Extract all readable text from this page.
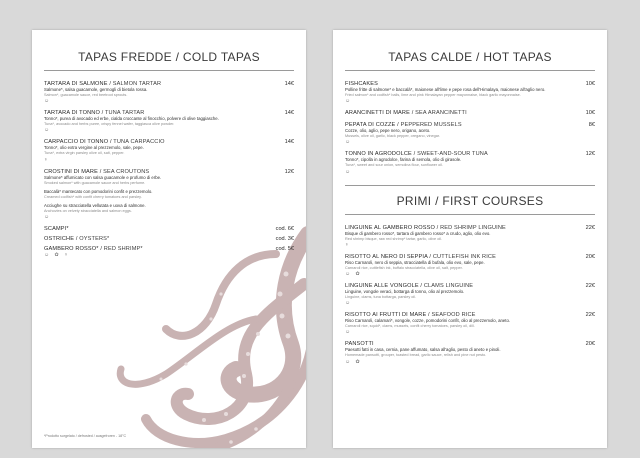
TAPAS FREDDE / COLD TAPAS
TARTARA DI SALMONE / SALMON TARTAR	14€
Salmone*, salsa guacamole, germogli di bietola rossa.
Salmon*, guacamole sauce, red beetroot sprouts.
☺
TARTARA DI TONNO / TUNA TARTAR	14€
Tonno*, purea di avocado ed erbe, cialda croccante al finocchio, polvere di olive taggiasche.
Tuna*, avocado and herbs puree, crispy fennel wafer, taggiasca olive powder.
☺
CARPACCIO DI TONNO / TUNA CARPACCIO	14€
Tonno*, olio extra vergine al prezzemolo, sale, pepe.
Tuna*, extra virgin parsley olive oil, salt, pepper.
♆
CROSTINI DI MARE / SEA CROUTONS	12€
Salmone* affumicato con salsa guacamole e profumo di erbe.
Smoked salmon* with guacamole sauce and herbs perfume.
Baccalà* mantecato con pomodorini confit e prezzemolo.
Creamed codfish* with confit cherry tomatoes and parsley.
Acciughe su stracciatella vellutata e uova di salmone.
Anchovies on velvety stracciatella and salmon eggs.
☺
SCAMPI*	cod. 6€
OSTRICHE / OYSTERS*	cod. 3€
GAMBERO ROSSO* / RED SHRIMP*	cod. 5€
☺ ✿ ♆
*Prodotto surgelato / defrosted / ausgefroren - 18°C
TAPAS CALDE / HOT TAPAS
FISHCAKES	10€
Polline fritte di salmone* e baccalà*, maionese all'lime e pepe rosa dell'Himalaya, maionese all'aglio nero.
Fried salmon* and codfish* balls, lime and pink Himalayan pepper mayonnaise, black garlic mayonnaise.
☺
ARANCINETTI DI MARE / SEA ARANCINETTI	10€
PEPATA DI COZZE / PEPPERED MUSSELS	8€
Cozze, olio, aglio, pepe nero, origano, aceto.
Mussels, olive oil, garlic, black pepper, oregano, vinegar.
☺
TONNO IN AGRODOLCE / SWEET-AND-SOUR TUNA	12€
Tonno*, cipolla in agrodolce, farina di semola, olio di girasole.
Tuna*, sweet and sour onion, semolina flour, sunflower oil.
☺
PRIMI / FIRST COURSES
LINGUINE AL GAMBERO ROSSO / RED SHRIMP LINGUINE	22€
Bisque di gambero rosso*, tartara di gambero rosso* a crudo, aglio, olio evo.
Red shrimp bisque, raw red shrimp* tartar, garlic, olive oil.
♆
RISOTTO AL NERO DI SEPPIA / CUTTLEFISH INK RICE	20€
Riso Carnaroli, nero di seppia, stracciatella di bufala, olio evo, sale, pepe.
Carnaroli rice, cuttlefish ink, buffalo stracciatella, olive oil, salt, pepper.
☺ ✿
LINGUINE ALLE VONGOLE / CLAMS LINGUINE	22€
Linguine, vongole veraci, bottarga di tonno, olio al prezzemolo.
Linguine, clams, tuna bottarga, parsley oil.
☺
RISOTTO AI FRUTTI DI MARE / SEAFOOD RICE	22€
Riso Carnaroli, calamari*, vongole, cozze, pomodorini confit, olio al prezzemolo, aneto.
Carnaroli rice, squid*, clams, mussels, confit cherry tomatoes, parsley oil, dill.
☺
PANSOTTI	20€
Paesotti fatti in casa, cernia, pane affumato, salsa all'aglio, pesto di aneto e pinoli.
Homemade pansotti, grouper, toasted bread, garlic sauce, relish and pine nut pesto.
☺ ✿
